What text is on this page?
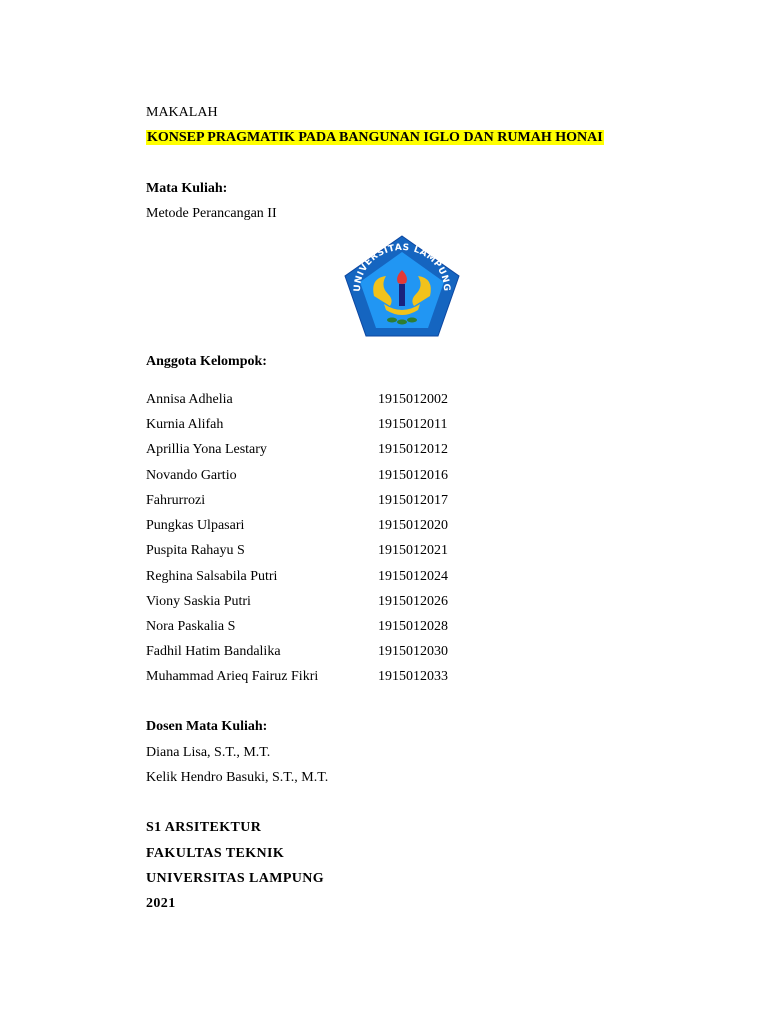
MAKALAH
KONSEP PRAGMATIK PADA BANGUNAN IGLO DAN RUMAH HONAI
Mata Kuliah:
Metode Perancangan II
UNIVERSITAS LAMPUNG
Anggota Kelompok:
Annisa Adhelia	1915012002
Kurnia Alifah	1915012011
Aprillia Yona Lestary	1915012012
Novando Gartio	1915012016
Fahrurrozi	1915012017
Pungkas Ulpasari	1915012020
Puspita Rahayu S	1915012021
Reghina Salsabila Putri	1915012024
Viony Saskia Putri	1915012026
Nora Paskalia S	1915012028
Fadhil Hatim Bandalika	1915012030
Muhammad Arieq Fairuz Fikri	1915012033
Dosen Mata Kuliah:
Diana Lisa, S.T., M.T.
Kelik Hendro Basuki, S.T., M.T.
S1 ARSITEKTUR
FAKULTAS TEKNIK
UNIVERSITAS LAMPUNG
2021
